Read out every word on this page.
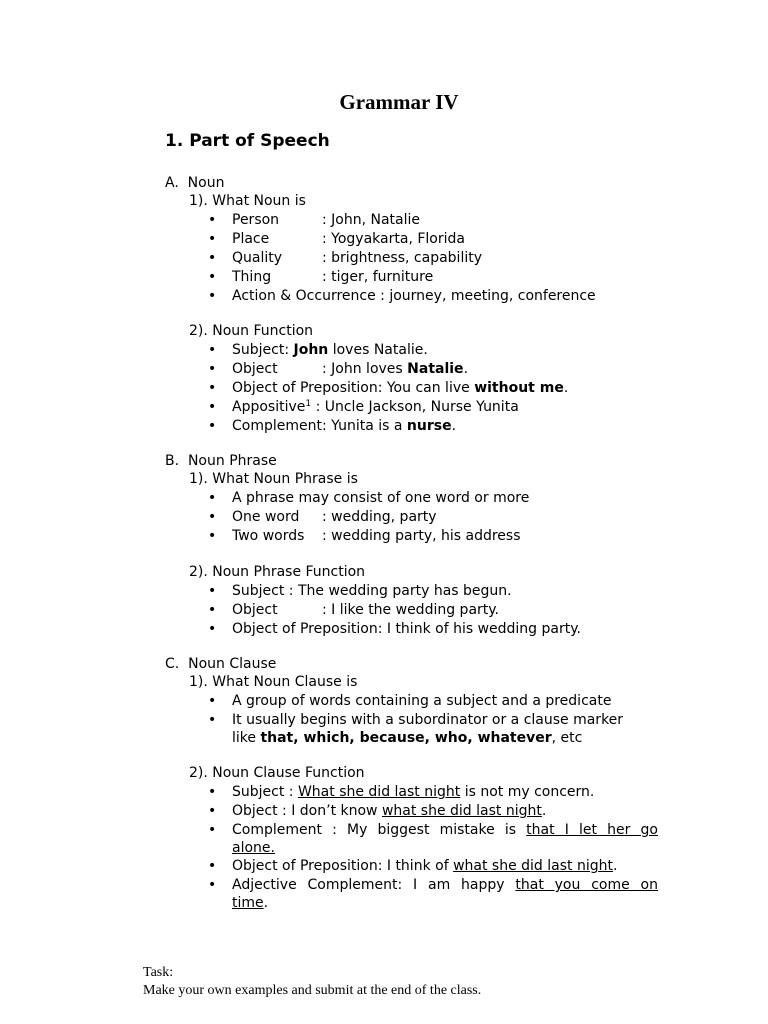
Grammar IV
1. Part of Speech
A.  Noun
1). What Noun is
• Person	: John, Natalie
• Place	: Yogyakarta, Florida
• Quality	: brightness, capability
• Thing	: tiger, furniture
• Action & Occurrence : journey, meeting, conference
2). Noun Function
• Subject: John loves Natalie.
• Object	: John loves Natalie.
• Object of Preposition: You can live without me.
• Appositive$^1$ : Uncle Jackson, Nurse Yunita
• Complement: Yunita is a nurse.
B.  Noun Phrase
1). What Noun Phrase is
• A phrase may consist of one word or more
• One word : wedding, party
• Two words : wedding party, his address
2). Noun Phrase Function
• Subject : The wedding party has begun.
• Object	: I like the wedding party.
• Object of Preposition: I think of his wedding party.
C.  Noun Clause
1). What Noun Clause is
• A group of words containing a subject and a predicate
• It usually begins with a subordinator or a clause marker
like that, which, because, who, whatever, etc
2). Noun Clause Function
• Subject : What she did last night is not my concern.
• Object : I don’t know what she did last night.
• Complement : My biggest mistake is that I let her go
alone.
• Object of Preposition: I think of what she did last night.
• Adjective Complement: I am happy that you come on
time.
Task:
Make your own examples and submit at the end of the class.
